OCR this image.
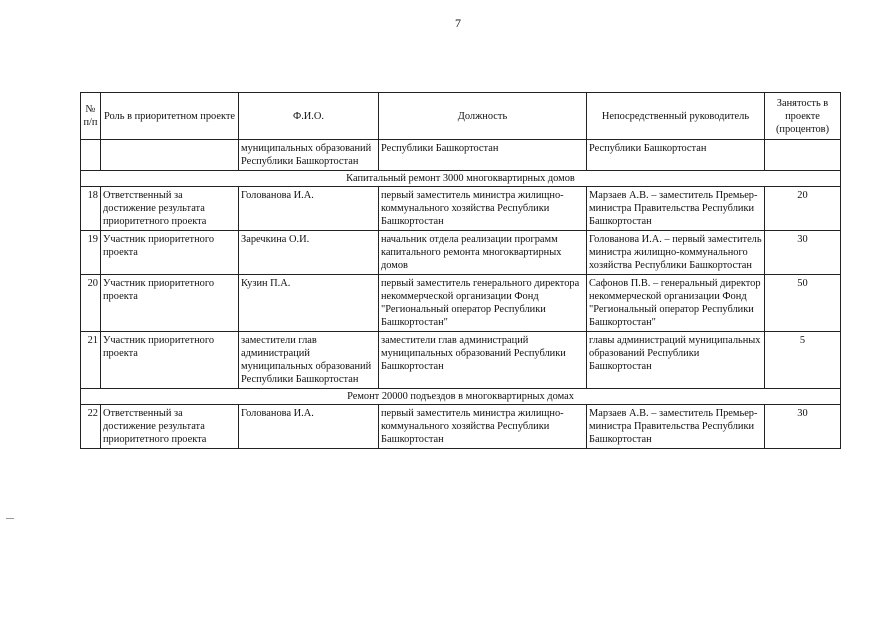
7
№ п/п	Роль в приоритетном проекте	Ф.И.О.	Должность	Непосредственный руководитель	Занятость в проекте (процентов)
		муниципальных образований Республики Башкортостан	Республики Башкортостан	Республики Башкортостан	
Капитальный ремонт 3000 многоквартирных домов					
18	Ответственный за достижение результата приоритетного проекта	Голованова И.А.	первый заместитель министра жилищно-коммунального хозяйства Республики Башкортостан	Марзаев А.В. – заместитель Премьер-министра Правительства Республики Башкортостан	20
19	Участник приоритетного проекта	Заречкина О.И.	начальник отдела реализации программ капитального ремонта многоквартирных домов	Голованова И.А. – первый заместитель министра жилищно-коммунального хозяйства Республики Башкортостан	30
20	Участник приоритетного проекта	Кузин П.А.	первый заместитель генерального директора некоммерческой организации Фонд "Региональный оператор Республики Башкортостан"	Сафонов П.В. – генеральный директор некоммерческой организации Фонд "Региональный оператор Республики Башкортостан"	50
21	Участник приоритетного проекта	заместители глав администраций муниципальных образований Республики Башкортостан	заместители глав администраций муниципальных образований Республики Башкортостан	главы администраций муниципальных образований Республики Башкортостан	5
Ремонт 20000 подъездов в многоквартирных домах					
22	Ответственный за достижение результата приоритетного проекта	Голованова И.А.	первый заместитель министра жилищно-коммунального хозяйства Республики Башкортостан	Марзаев А.В. – заместитель Премьер-министра Правительства Республики Башкортостан	30
